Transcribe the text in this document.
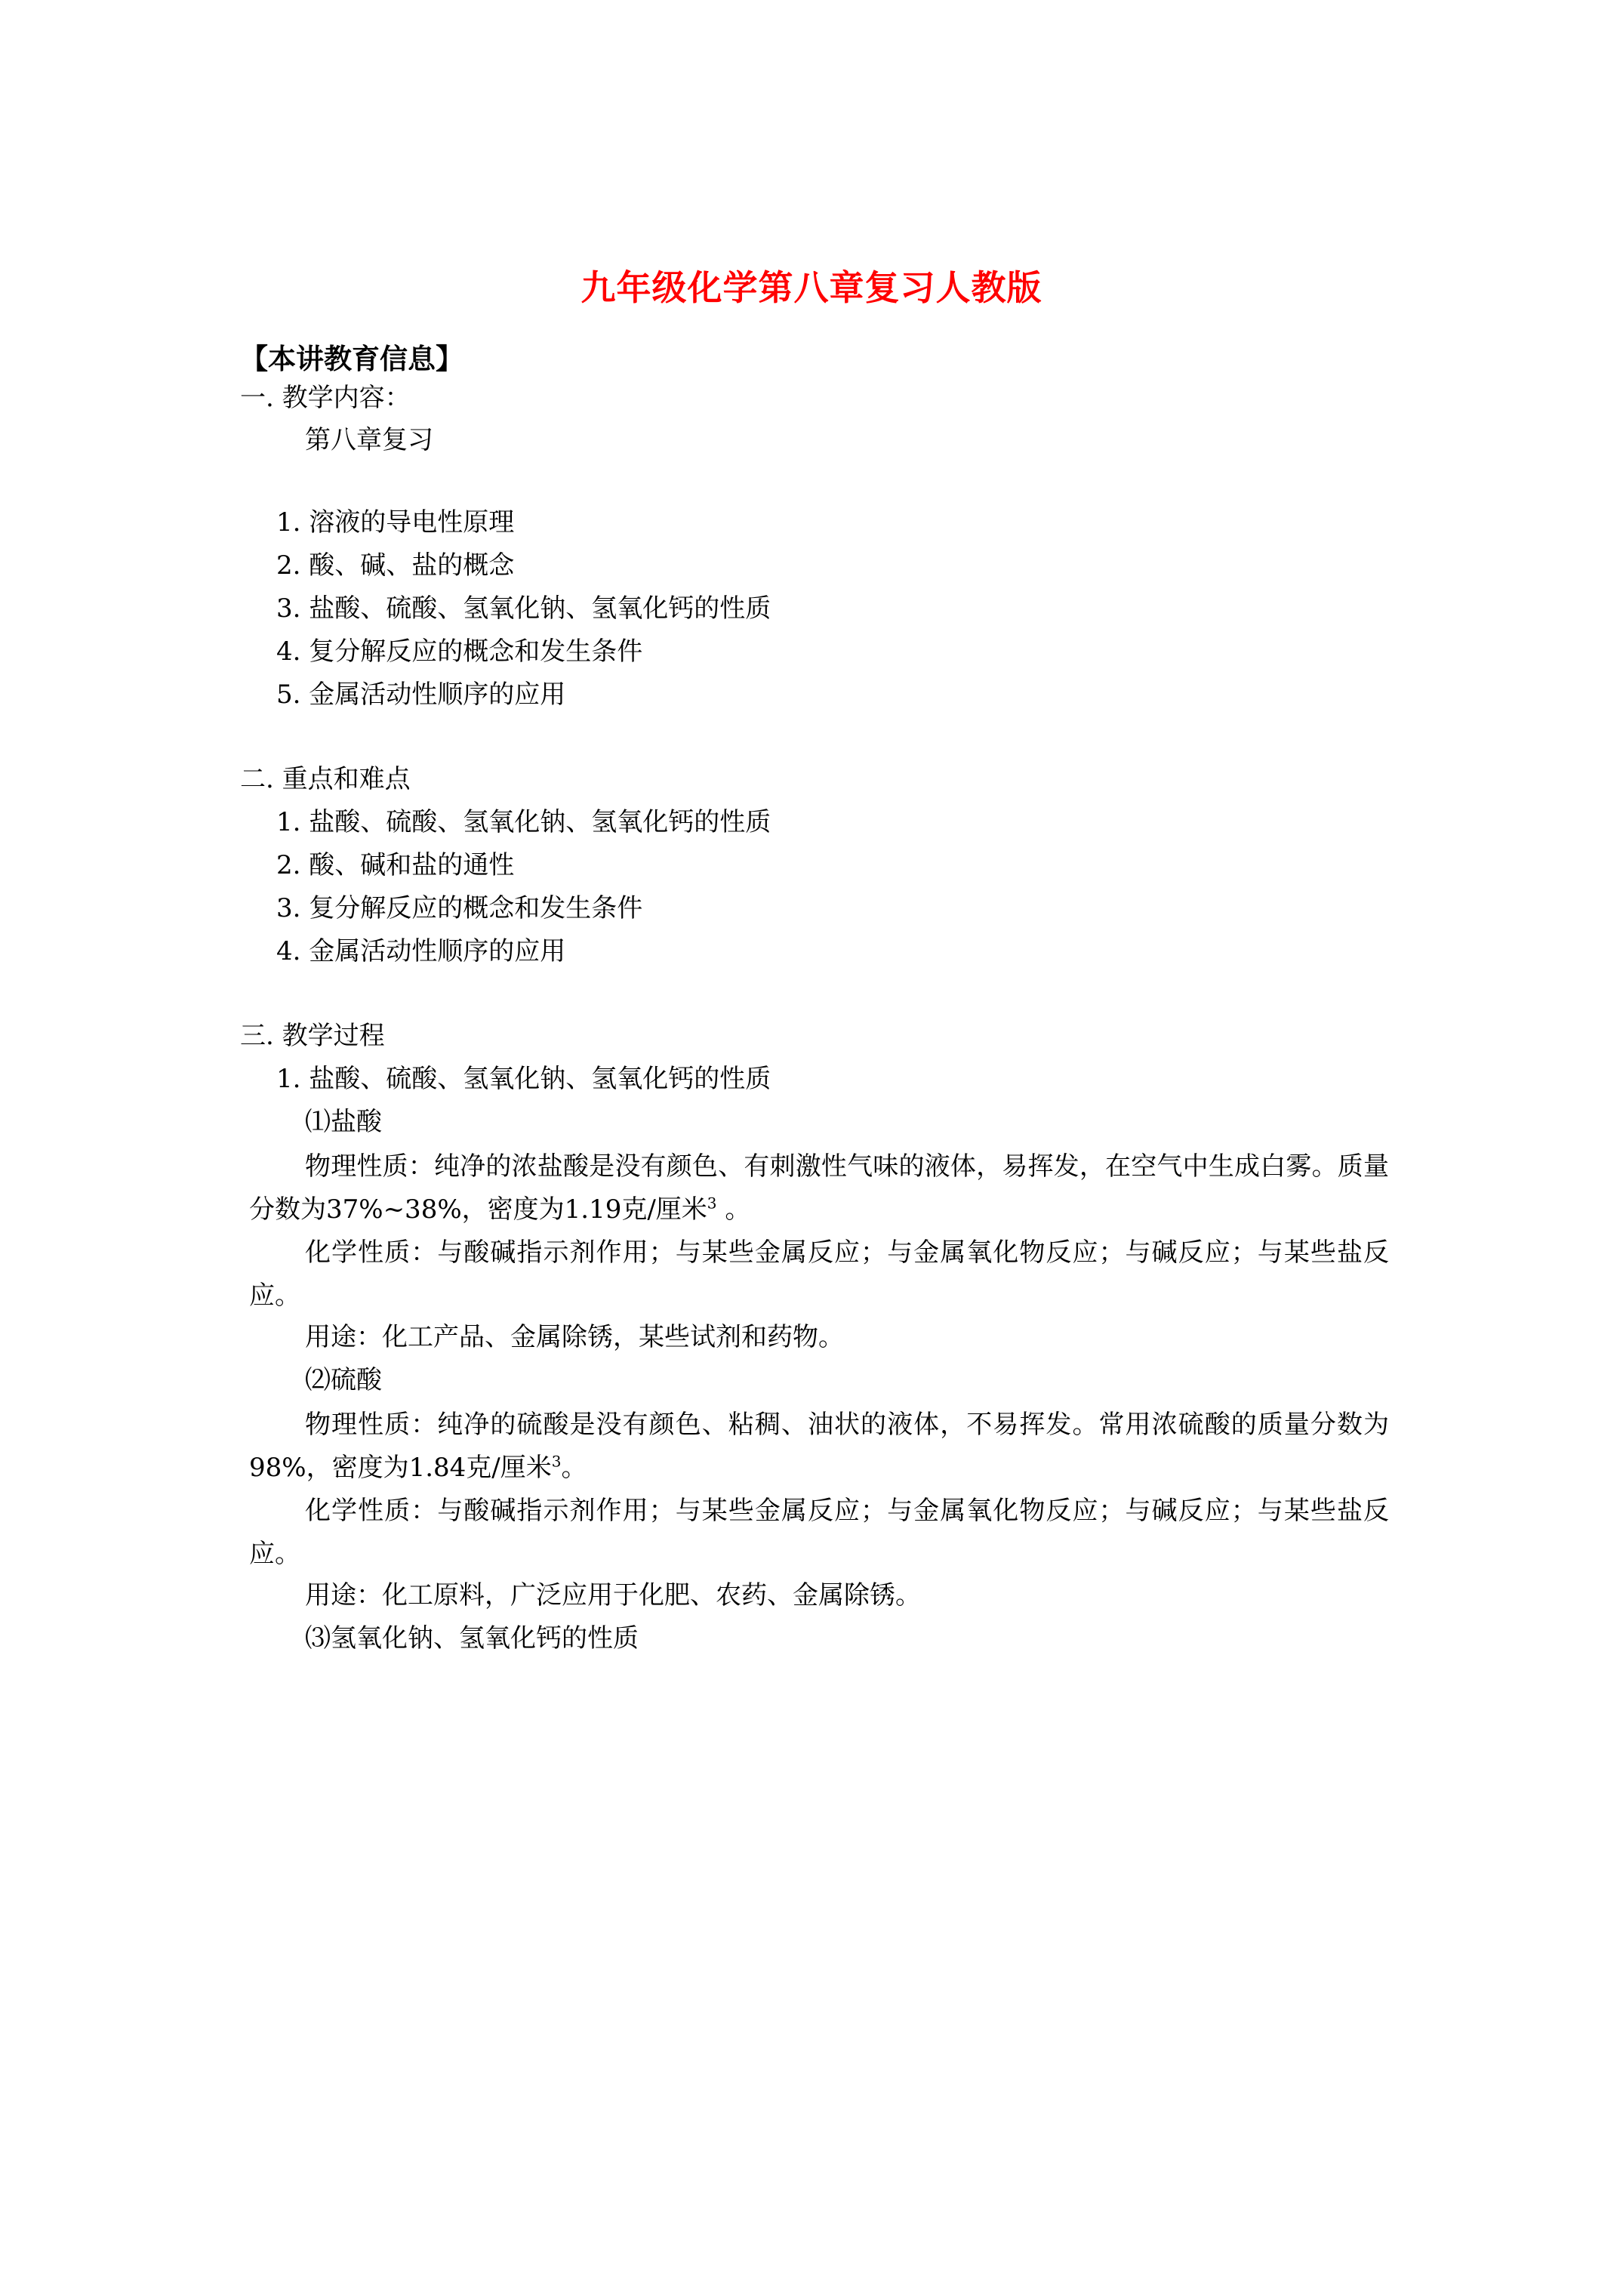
九年级化学第八章复习人教版
【本讲教育信息】
一. 教学内容：
第八章复习
1. 溶液的导电性原理
2. 酸、碱、盐的概念
3. 盐酸、硫酸、氢氧化钠、氢氧化钙的性质
4. 复分解反应的概念和发生条件
5. 金属活动性顺序的应用
二. 重点和难点
1. 盐酸、硫酸、氢氧化钠、氢氧化钙的性质
2. 酸、碱和盐的通性
3. 复分解反应的概念和发生条件
4. 金属活动性顺序的应用
三. 教学过程
1. 盐酸、硫酸、氢氧化钠、氢氧化钙的性质
⑴盐酸
物理性质：纯净的浓盐酸是没有颜色、有刺激性气味的液体，易挥发，在空气中生成白雾。质量分数为37%~38%，密度为1.19克/厘米$^3$ 。
化学性质：与酸碱指示剂作用；与某些金属反应；与金属氧化物反应；与碱反应；与某些盐反应。
用途：化工产品、金属除锈，某些试剂和药物。
⑵硫酸
物理性质：纯净的硫酸是没有颜色、粘稠、油状的液体，不易挥发。常用浓硫酸的质量分数为98%，密度为1.84克/厘米$^3$。
化学性质：与酸碱指示剂作用；与某些金属反应；与金属氧化物反应；与碱反应；与某些盐反应。
用途：化工原料，广泛应用于化肥、农药、金属除锈。
⑶氢氧化钠、氢氧化钙的性质
